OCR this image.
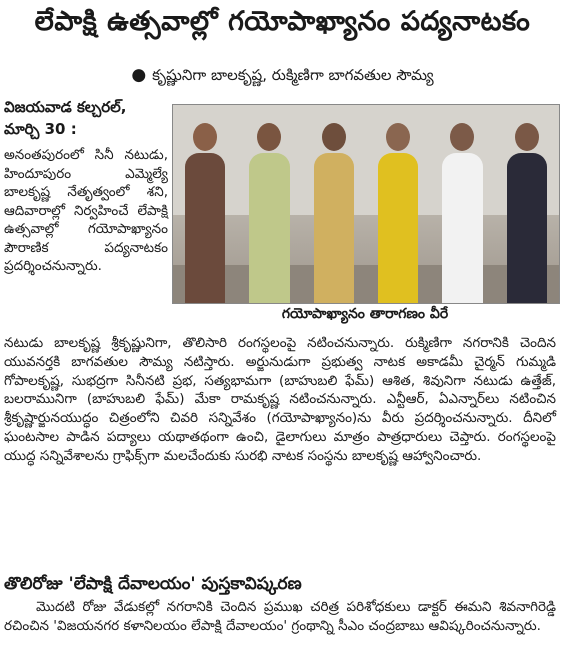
లేపాక్షి ఉత్సవాల్లో గయోపాఖ్యానం పద్యనాటకం
● కృష్ణునిగా బాలకృష్ణ, రుక్మిణిగా బాగవతుల సౌమ్య
విజయవాడ కల్చరల్,
మార్చి 30 :
అనంతపురంలో సినీ నటుడు, హిందూపురం ఎమ్మెల్యే బాలకృష్ణ నేతృత్వంలో శని, ఆదివారాల్లో నిర్వహించే లేపాక్షి ఉత్సవాల్లో గయోపాఖ్యానం పౌరాణిక పద్యనాటకం ప్రదర్శించనున్నారు.
గయోపాఖ్యానం తారాగణం వీరే
నటుడు బాలకృష్ణ శ్రీకృష్ణునిగా, తొలిసారి రంగస్థలంపై నటించనున్నారు. రుక్మిణిగా నగరానికి చెందిన యువనర్తకి బాగవతుల సౌమ్య నటిస్తారు. అర్జునుడుగా ప్రభుత్వ నాటక అకాడమీ చైర్మన్ గుమ్మడి గోపాలకృష్ణ, సుభద్రగా సినీనటి ప్రభ, సత్యభామగా (బాహుబలి ఫేమ్) ఆశిత, శివునిగా నటుడు ఉత్తేజ్, బలరామునిగా (బాహుబలి ఫేమ్) మేకా రామకృష్ణ నటించనున్నారు. ఎన్టీఆర్, ఏఎన్నార్‌లు నటించిన శ్రీకృష్ణార్జునయుద్ధం చిత్రంలోని చివరి సన్నివేశం (గయోపాఖ్యానం)ను వీరు ప్రదర్శించనున్నారు. దీనిలో ఘంటసాల పాడిన పద్యాలు యథాతథంగా ఉంచి, డైలాగులు మాత్రం పాత్రధారులు చెప్తారు. రంగస్థలంపై యుద్ధ సన్నివేశాలను గ్రాఫిక్స్‌గా మలచేందుకు సురభి నాటక సంస్థను బాలకృష్ణ ఆహ్వానించారు.
తొలిరోజు 'లేపాక్షి దేవాలయం' పుస్తకావిష్కరణ
మొదటి రోజు వేడుకల్లో నగరానికి చెందిన ప్రముఖ చరిత్ర పరిశోధకులు డాక్టర్ ఈమని శివనాగిరెడ్డి రచించిన 'విజయనగర కళానిలయం లేపాక్షి దేవాలయం' గ్రంథాన్ని సీఎం చంద్రబాబు ఆవిష్కరించనున్నారు.
